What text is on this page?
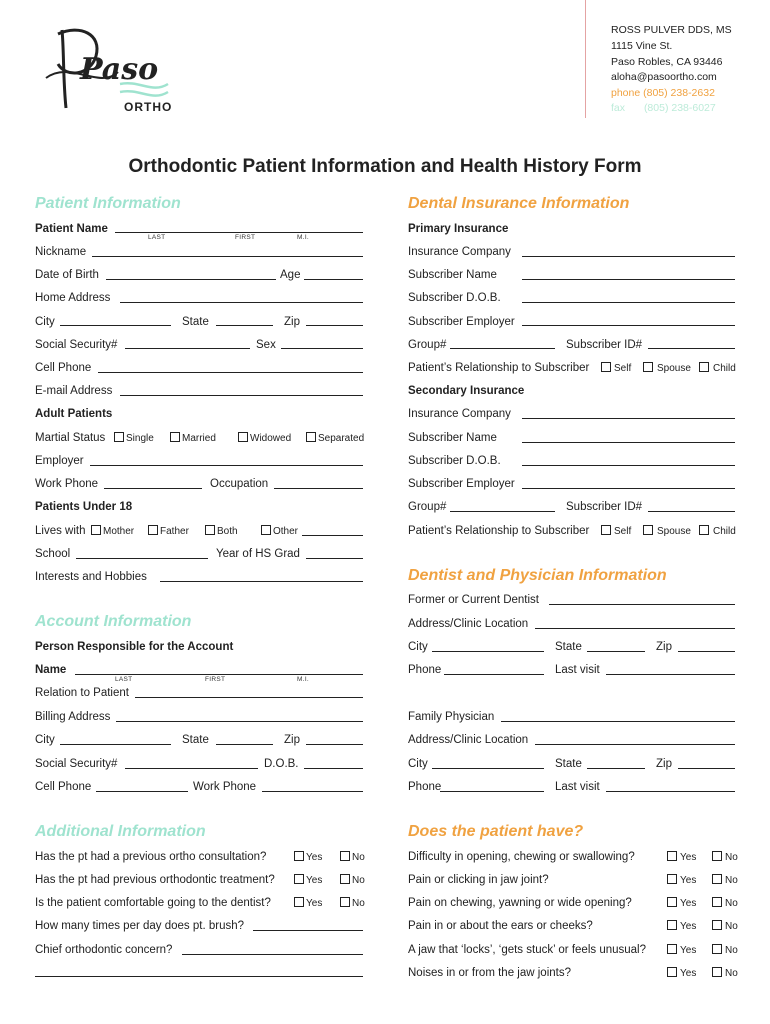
Paso
ORTHO
ROSS PULVER DDS, MS
1115 Vine St.
Paso Robles, CA 93446
aloha@pasoortho.com
phone (805) 238-2632
fax (805) 238-6027
Orthodontic Patient Information and Health History Form
Patient Information
Patient Name
LAST	FIRST	M.I.
Nickname
Date of Birth	Age
Home Address
City	State	Zip
Social Security#	Sex
Cell Phone
E-mail Address
Adult Patients
Martial Status Single	Married	Widowed	Separated
Employer
Work Phone	Occupation
Patients Under 18
Lives with Mother	Father	Both	Other
School	Year of HS Grad
Interests and Hobbies
Account Information
Person Responsible for the Account
Name
LAST	FIRST	M.I.
Relation to Patient
Billing Address
City	State	Zip
Social Security#	D.O.B.
Cell Phone	Work Phone
Additional Information
Has the pt had a previous ortho consultation?	Yes	No
Has the pt had previous orthodontic treatment?	Yes	No
Is the patient comfortable going to the dentist?	Yes	No
How many times per day does pt. brush?
Chief orthodontic concern?
Dental Insurance Information
Primary Insurance
Insurance Company
Subscriber Name
Subscriber D.O.B.
Subscriber Employer
Group#	Subscriber ID#
Patient’s Relationship to Subscriber Self	Spouse Child
Secondary Insurance
Insurance Company
Subscriber Name
Subscriber D.O.B.
Subscriber Employer
Group#	Subscriber ID#
Patient’s Relationship to Subscriber Self	Spouse Child
Dentist and Physician Information
Former or Current Dentist
Address/Clinic Location
City	State	Zip
Phone	Last visit
Family Physician
Address/Clinic Location
City	State	Zip
Phone	Last visit
Does the patient have?
Difficulty in opening, chewing or swallowing?	Yes	No
Pain or clicking in jaw joint?	Yes	No
Pain on chewing, yawning or wide opening?	Yes	No
Pain in or about the ears or cheeks?	Yes	No
A jaw that ‘locks’, ‘gets stuck’ or feels unusual?	Yes	No
Noises in or from the jaw joints?	Yes	No
